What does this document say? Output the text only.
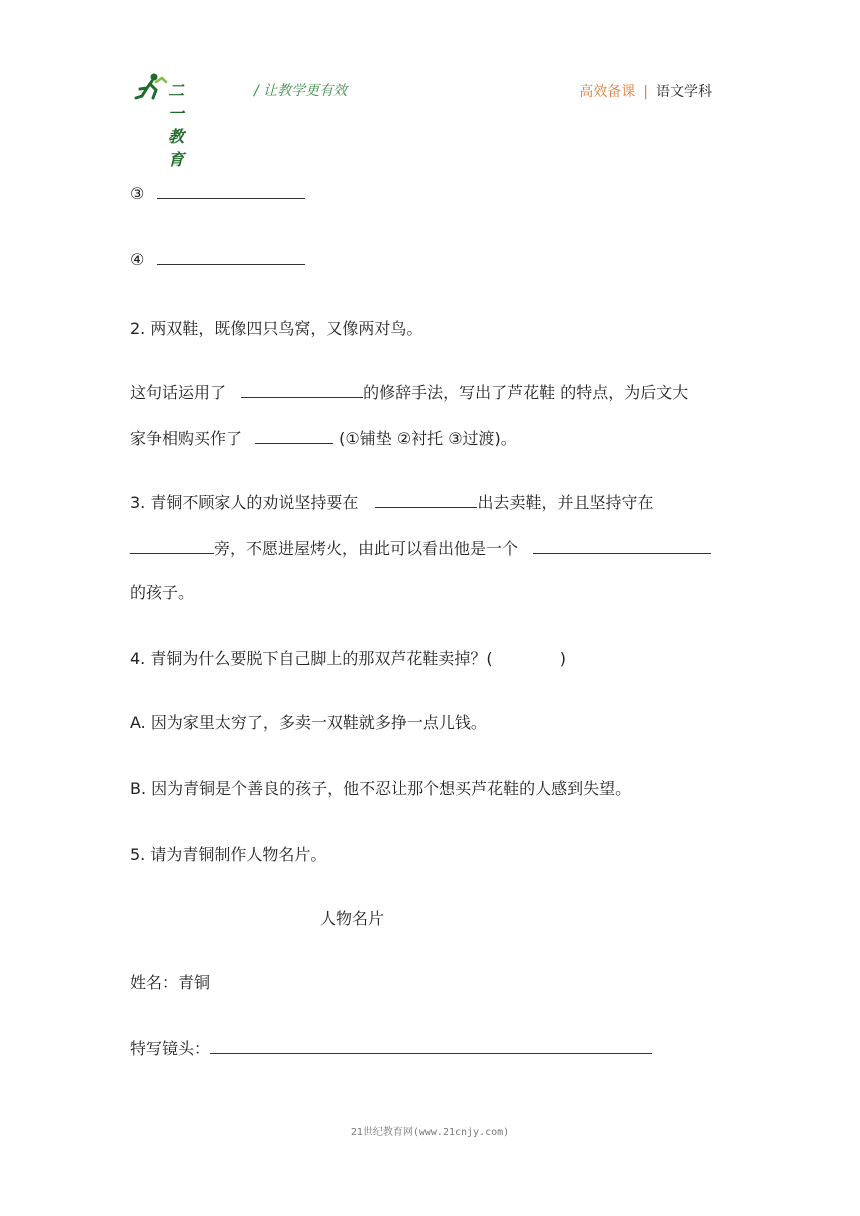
二一教育
/ 让教学更有效	高效备课 | 语文学科
③
④
2. 两双鞋，既像四只鸟窝，又像两对鸟。
这句话运用了	的修辞手法，写出了芦花鞋 的特点，为后文大
家争相购买作了	(①铺垫 ②衬托 ③过渡)。
3. 青铜不顾家人的劝说坚持要在	出去卖鞋，并且坚持守在
旁，不愿进屋烤火，由此可以看出他是一个
的孩子。
4. 青铜为什么要脱下自己脚上的那双芦花鞋卖掉？(	)
A. 因为家里太穷了，多卖一双鞋就多挣一点儿钱。
B. 因为青铜是个善良的孩子，他不忍让那个想买芦花鞋的人感到失望。
5. 请为青铜制作人物名片。
人物名片
姓名：青铜
特写镜头：
21世纪教育网(www.21cnjy.com)
